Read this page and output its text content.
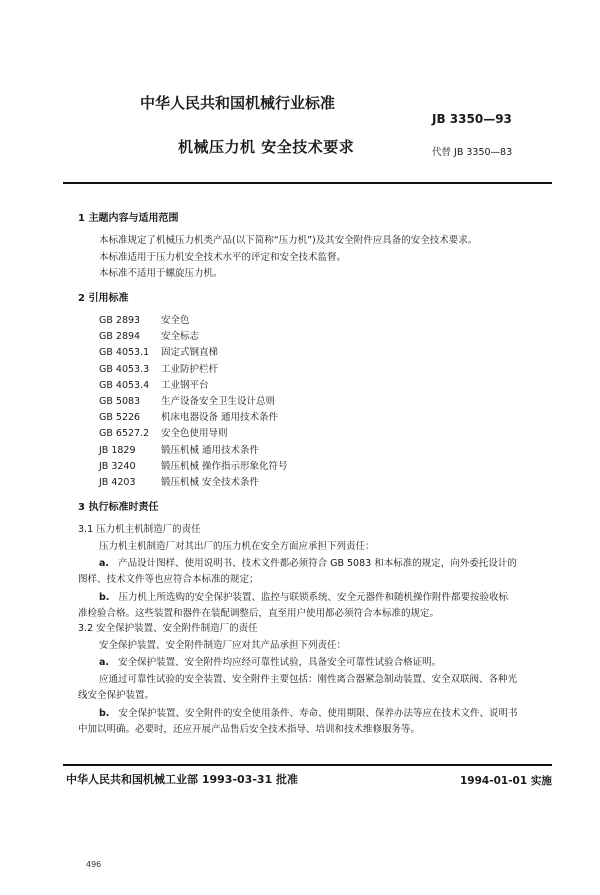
中华人民共和国机械行业标准
JB 3350—93
机械压力机 安全技术要求	代替 JB 3350—83
1 主题内容与适用范围
本标准规定了机械压力机类产品(以下简称“压力机”)及其安全附件应具备的安全技术要求。
本标准适用于压力机安全技术水平的评定和安全技术监督。
本标准不适用于螺旋压力机。
2 引用标准
GB 2893 安全色
GB 2894 安全标志
GB 4053.1 固定式钢直梯
GB 4053.3 工业防护栏杆
GB 4053.4 工业钢平台
GB 5083 生产设备安全卫生设计总则
GB 5226 机床电器设备 通用技术条件
GB 6527.2 安全色使用导则
JB 1829	锻压机械 通用技术条件
JB 3240	锻压机械 操作指示形象化符号
JB 4203	锻压机械 安全技术条件
3 执行标准时责任
3.1 压力机主机制造厂的责任
压力机主机制造厂对其出厂的压力机在安全方面应承担下列责任：
a. 产品设计图样、使用说明书、技术文件都必须符合 GB 5083 和本标准的规定，向外委托设计的
图样、技术文件等也应符合本标准的规定；
b. 压力机上所选购的安全保护装置、监控与联锁系统、安全元器件和随机操作附件都要按验收标
准检验合格。这些装置和器件在装配调整后，直至用户使用都必须符合本标准的规定。
3.2 安全保护装置、安全附件制造厂的责任
安全保护装置、安全附件制造厂应对其产品承担下列责任：
a. 安全保护装置、安全附件均应经可靠性试验，具备安全可靠性试验合格证明。
应通过可靠性试验的安全装置、安全附件主要包括：刚性离合器紧急制动装置、安全双联阀、各种光
线安全保护装置。
b. 安全保护装置、安全附件的安全使用条件、寿命、使用期限、保养办法等应在技术文件、说明书
中加以明确。必要时，还应开展产品售后安全技术指导、培训和技术维修服务等。
中华人民共和国机械工业部 1993-03-31 批准	1994-01-01 实施
496
